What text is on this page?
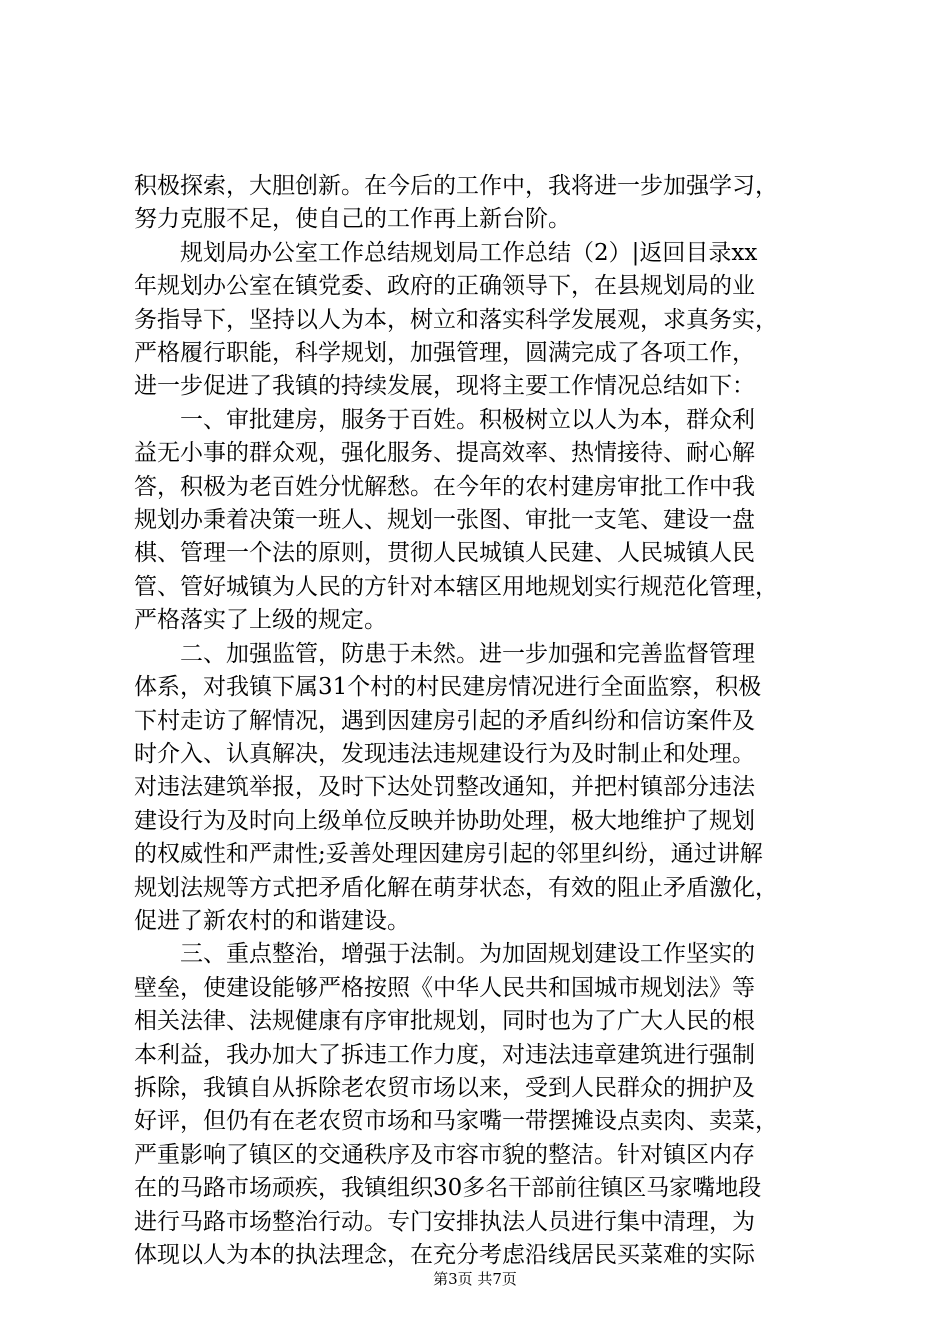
积极探索，大胆创新。在今后的工作中，我将进一步加强学习，
努力克服不足，使自己的工作再上新台阶。

规划局办公室工作总结规划局工作总结（2）|返回目录xx
年规划办公室在镇党委、政府的正确领导下，在县规划局的业
务指导下，坚持以人为本，树立和落实科学发展观，求真务实，
严格履行职能，科学规划，加强管理，圆满完成了各项工作，
进一步促进了我镇的持续发展，现将主要工作情况总结如下：

一、审批建房，服务于百姓。积极树立以人为本，群众利
益无小事的群众观，强化服务、提高效率、热情接待、耐心解
答，积极为老百姓分忧解愁。在今年的农村建房审批工作中我
规划办秉着决策一班人、规划一张图、审批一支笔、建设一盘
棋、管理一个法的原则，贯彻人民城镇人民建、人民城镇人民
管、管好城镇为人民的方针对本辖区用地规划实行规范化管理，
严格落实了上级的规定。

二、加强监管，防患于未然。进一步加强和完善监督管理
体系，对我镇下属31个村的村民建房情况进行全面监察，积极
下村走访了解情况，遇到因建房引起的矛盾纠纷和信访案件及
时介入、认真解决，发现违法违规建设行为及时制止和处理。
对违法建筑举报，及时下达处罚整改通知，并把村镇部分违法
建设行为及时向上级单位反映并协助处理，极大地维护了规划
的权威性和严肃性;妥善处理因建房引起的邻里纠纷，通过讲解
规划法规等方式把矛盾化解在萌芽状态，有效的阻止矛盾激化，
促进了新农村的和谐建设。

三、重点整治，增强于法制。为加固规划建设工作坚实的
壁垒，使建设能够严格按照《中华人民共和国城市规划法》等
相关法律、法规健康有序审批规划，同时也为了广大人民的根
本利益，我办加大了拆违工作力度，对违法违章建筑进行强制
拆除，我镇自从拆除老农贸市场以来，受到人民群众的拥护及
好评，但仍有在老农贸市场和马家嘴一带摆摊设点卖肉、卖菜，
严重影响了镇区的交通秩序及市容市貌的整洁。针对镇区内存
在的马路市场顽疾，我镇组织30多名干部前往镇区马家嘴地段
进行马路市场整治行动。专门安排执法人员进行集中清理，为
体现以人为本的执法理念，在充分考虑沿线居民买菜难的实际

第3页 共7页
